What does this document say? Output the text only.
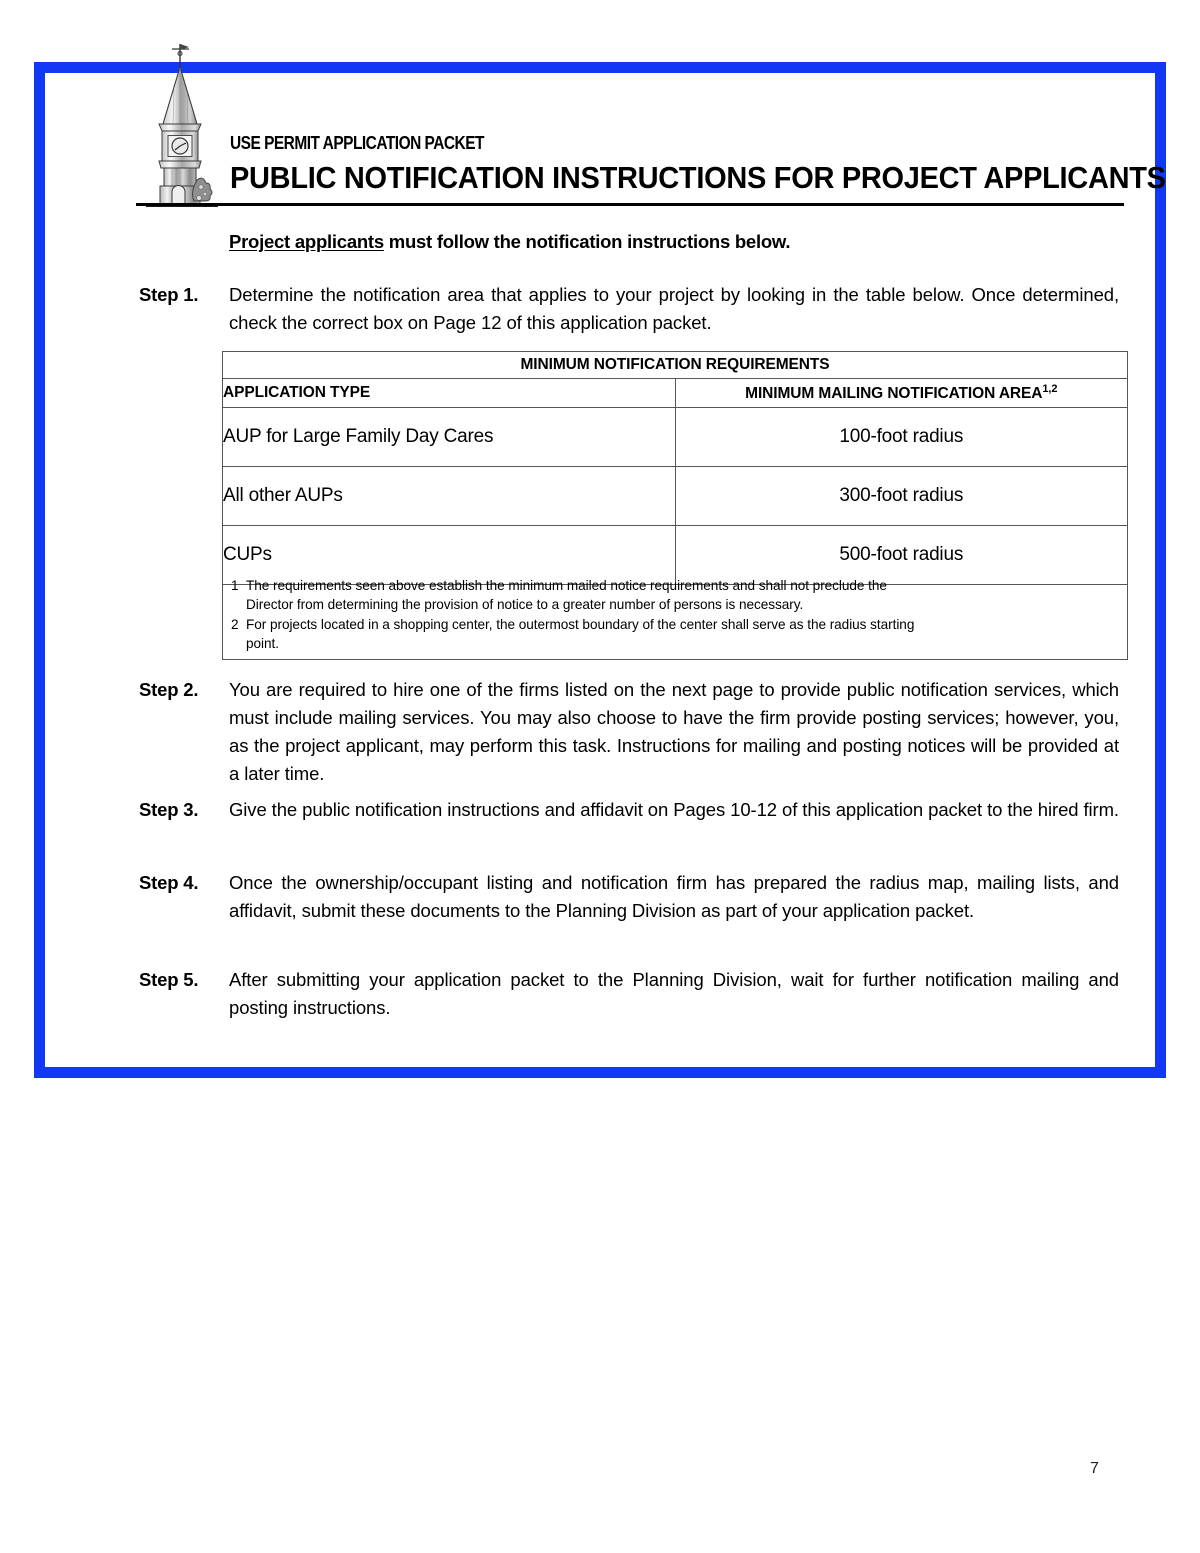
USE PERMIT APPLICATION PACKET
PUBLIC NOTIFICATION INSTRUCTIONS FOR PROJECT APPLICANTS
Project applicants must follow the notification instructions below.
Step 1.	Determine the notification area that applies to your project by looking in the table below. Once determined, check the correct box on Page 12 of this application packet.
MINIMUM NOTIFICATION REQUIREMENTS	
APPLICATION TYPE	MINIMUM MAILING NOTIFICATION AREA$^{1,2}$
AUP for Large Family Day Cares	100-foot radius
All other AUPs	300-foot radius
CUPs	500-foot radius
1 The requirements seen above establish the minimum mailed notice requirements and shall not preclude the
Director from determining the provision of notice to a greater number of persons is necessary.
2 For projects located in a shopping center, the outermost boundary of the center shall serve as the radius starting
point.
Step 2.	You are required to hire one of the firms listed on the next page to provide public notification services, which must include mailing services. You may also choose to have the firm provide posting services; however, you, as the project applicant, may perform this task. Instructions for mailing and posting notices will be provided at a later time.
Step 3.	Give the public notification instructions and affidavit on Pages 10-12 of this application packet to the hired firm.
Step 4.	Once the ownership/occupant listing and notification firm has prepared the radius map, mailing lists, and affidavit, submit these documents to the Planning Division as part of your application packet.
Step 5.	After submitting your application packet to the Planning Division, wait for further notification mailing and posting instructions.
7
